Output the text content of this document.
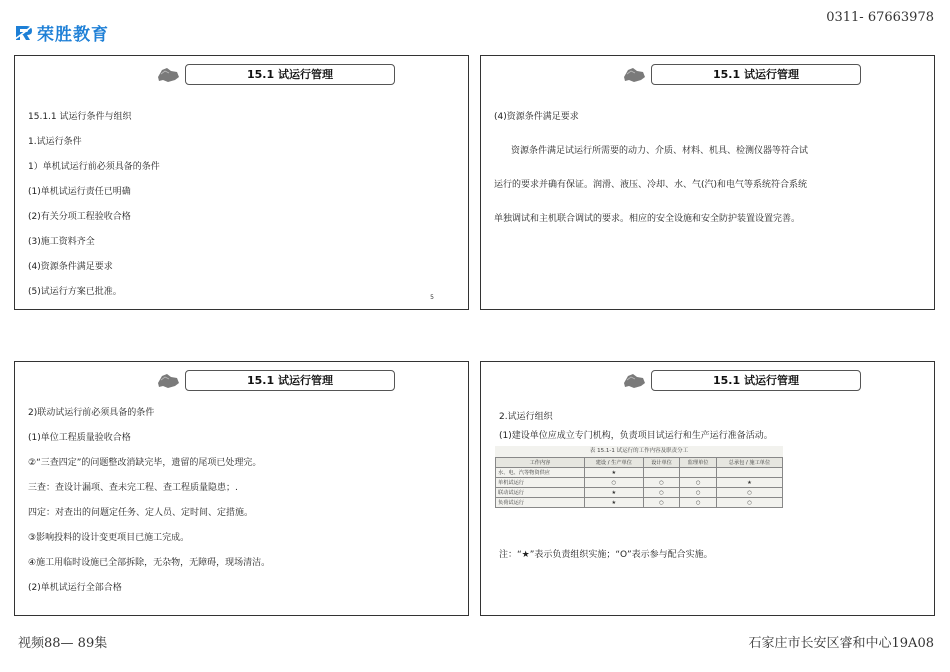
荣胜教育
0311- 67663978
15.1 试运行管理

15.1.1 试运行条件与组织

1.试运行条件

1）单机试运行前必须具备的条件

(1)单机试运行责任已明确

(2)有关分项工程验收合格

(3)施工资料齐全

(4)资源条件满足要求

(5)试运行方案已批准。

5
15.1 试运行管理

(4)资源条件满足要求

资源条件满足试运行所需要的动力、介质、材料、机具、检测仪器等符合试

运行的要求并确有保证。润滑、液压、冷却、水、气(汽)和电气等系统符合系统

单独调试和主机联合调试的要求。相应的安全设施和安全防护装置设置完善。

15.1 试运行管理

2)联动试运行前必须具备的条件

(1)单位工程质量验收合格

②“三查四定”的问题整改消缺完毕，遗留的尾项已处理完。

三查：查设计漏项、查未完工程、查工程质量隐患；.

四定：对查出的问题定任务、定人员、定时间、定措施。

③影响投料的设计变更项目已施工完成。

④施工用临时设施已全部拆除，无杂物，无障碍，现场清洁。

(2)单机试运行全部合格

15.1 试运行管理

2.试运行组织

(1)建设单位应成立专门机构，负责项目试运行和生产运行准备活动。

表 15.1-1 试运行的工作内容及职责分工
工作内容	建设 / 生产单位	设计单位	监理单位	总承包 / 施工单位
水、电、汽等物资供应	★			
单机试运行	○	○	○	★
联动试运行	★	○	○	○
负荷试运行	★	○	○	○
注：“★”表示负责组织实施；“O”表示参与配合实施。
视频88— 89集	石家庄市长安区睿和中心19A08
